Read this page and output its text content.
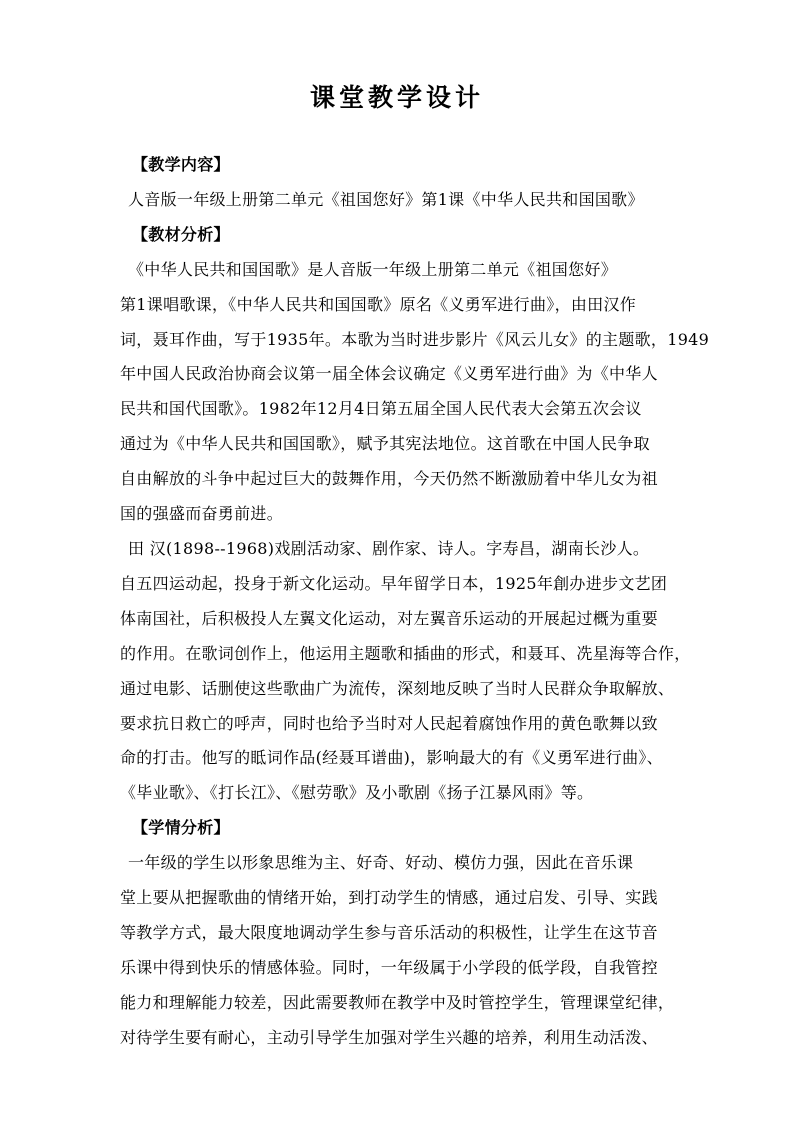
课堂教学设计
【教学内容】
人音版一年级上册第二单元《祖国您好》第1课《中华人民共和国国歌》
【教材分析】
《中华人民共和国国歌》是人音版一年级上册第二单元《祖国您好》
第1课唱歌课，《中华人民共和国国歌》原名《义勇军进行曲》，由田汉作
词，聂耳作曲，写于1935年。本歌为当时进步影片《风云儿女》的主题歌，1949
年中国人民政治协商会议第一届全体会议确定《义勇军进行曲》为《中华人
民共和国代国歌》。1982年12月4日第五届全国人民代表大会第五次会议
通过为《中华人民共和国国歌》，赋予其宪法地位。这首歌在中国人民争取
自由解放的斗争中起过巨大的鼓舞作用，今天仍然不断激励着中华儿女为祖
国的强盛而奋勇前进。
田 汉(1898--1968)戏剧活动家、剧作家、诗人。字寿昌，湖南长沙人。
自五四运动起，投身于新文化运动。早年留学日本，1925年創办进步文艺团
体南国社，后积极投人左翼文化运动，对左翼音乐运动的开展起过概为重要
的作用。在歌词创作上，他运用主题歌和插曲的形式，和聂耳、冼星海等合作，
通过电影、话删使这些歌曲广为流传，深刻地反映了当时人民群众争取解放、
要求抗日救亡的呼声，同时也给予当时对人民起着腐蚀作用的黄色歌舞以致
命的打击。他写的眡词作品(经聂耳谱曲)，影响最大的有《义勇军进行曲》、
《毕业歌》、《打长江》、《慰劳歌》及小歌剧《扬子江暴风雨》等。
【学情分析】
一年级的学生以形象思维为主、好奇、好动、模仿力强，因此在音乐课
堂上要从把握歌曲的情绪开始，到打动学生的情感，通过启发、引导、实践
等教学方式，最大限度地调动学生参与音乐活动的积极性，让学生在这节音
乐课中得到快乐的情感体验。同时，一年级属于小学段的低学段，自我管控
能力和理解能力较差，因此需要教师在教学中及时管控学生，管理课堂纪律，
对待学生要有耐心，主动引导学生加强对学生兴趣的培养，利用生动活泼、
